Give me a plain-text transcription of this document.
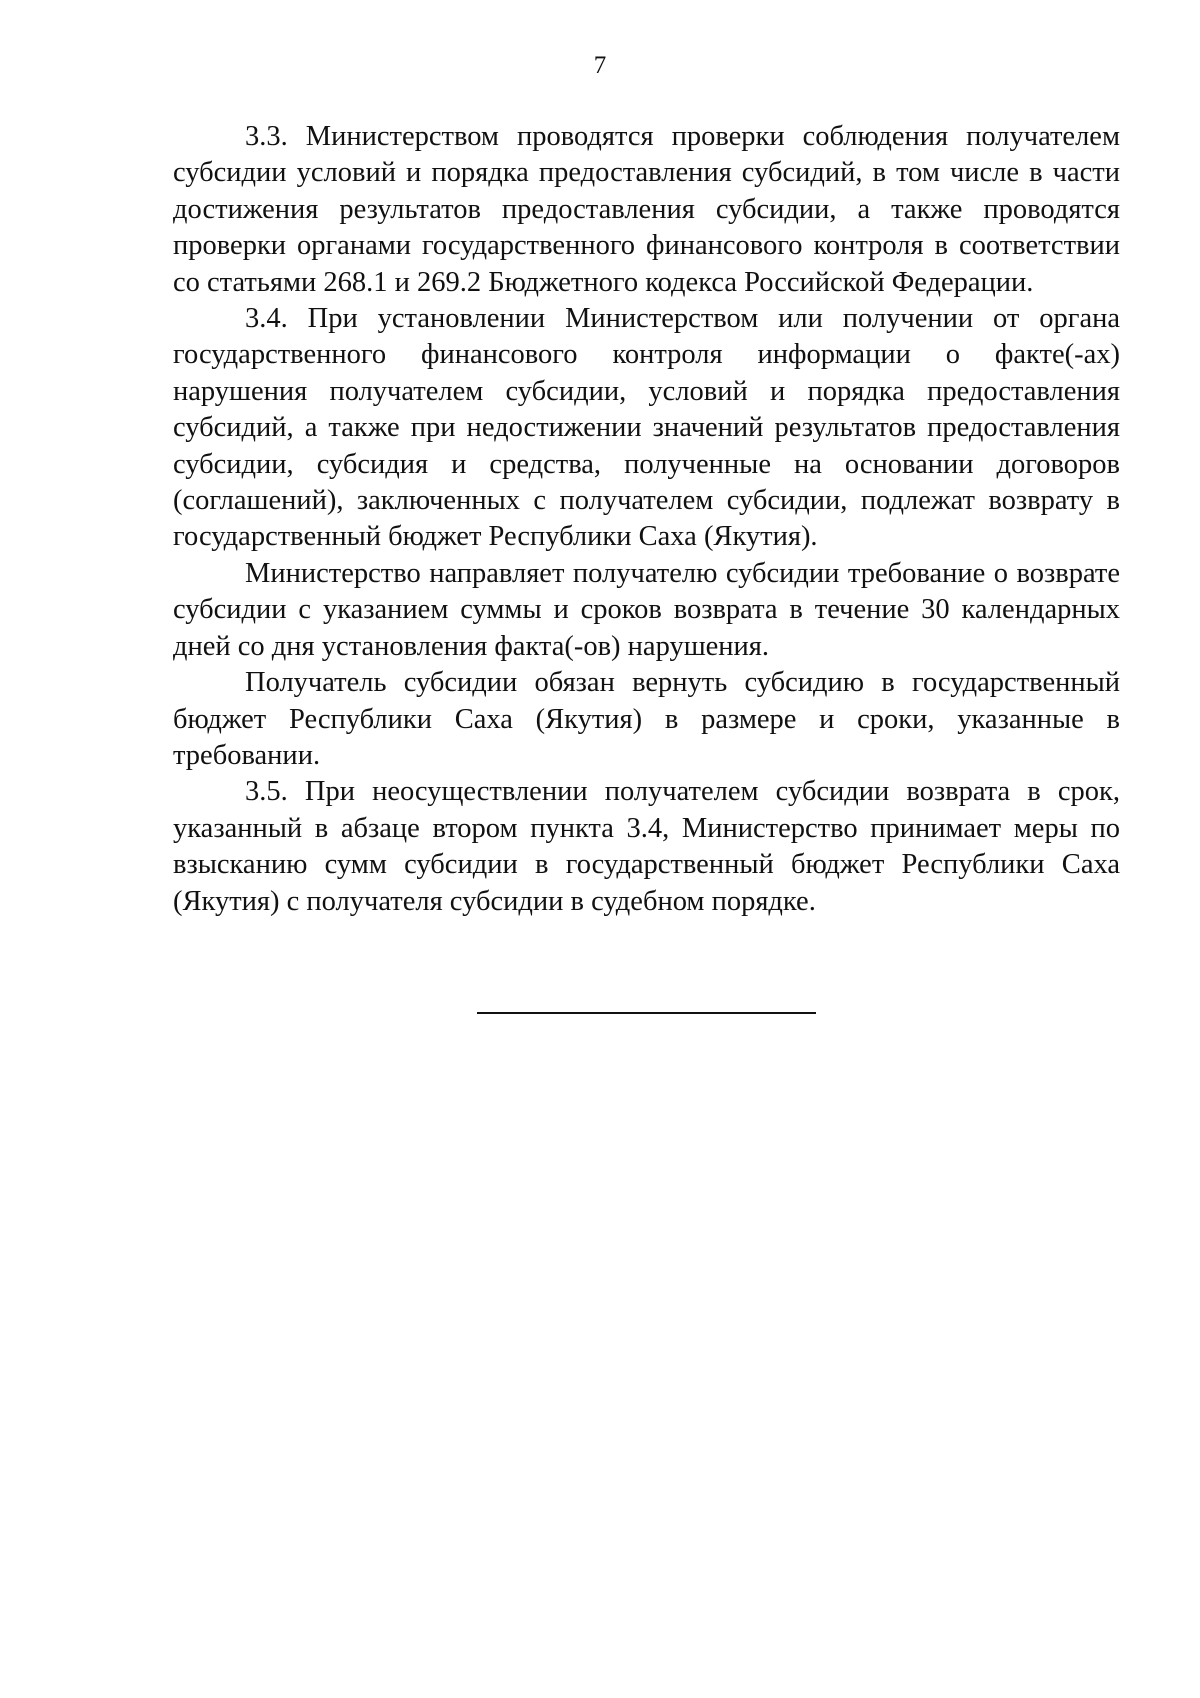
7

3.3. Министерством проводятся проверки соблюдения получателем субсидии условий и порядка предоставления субсидий, в том числе в части достижения результатов предоставления субсидии, а также проводятся проверки органами государственного финансового контроля в соответствии со статьями 268.1 и 269.2 Бюджетного кодекса Российской Федерации.

3.4. При установлении Министерством или получении от органа государственного финансового контроля информации о факте(-ах) нарушения получателем субсидии, условий и порядка предоставления субсидий, а также при недостижении значений результатов предоставления субсидии, субсидия и средства, полученные на основании договоров (соглашений), заключенных с получателем субсидии, подлежат возврату в государственный бюджет Республики Саха (Якутия).

Министерство направляет получателю субсидии требование о возврате субсидии с указанием суммы и сроков возврата в течение 30 календарных дней со дня установления факта(-ов) нарушения.

Получатель субсидии обязан вернуть субсидию в государственный бюджет Республики Саха (Якутия) в размере и сроки, указанные в требовании.

3.5. При неосуществлении получателем субсидии возврата в срок, указанный в абзаце втором пункта 3.4, Министерство принимает меры по взысканию сумм субсидии в государственный бюджет Республики Саха (Якутия) с получателя субсидии в судебном порядке.
